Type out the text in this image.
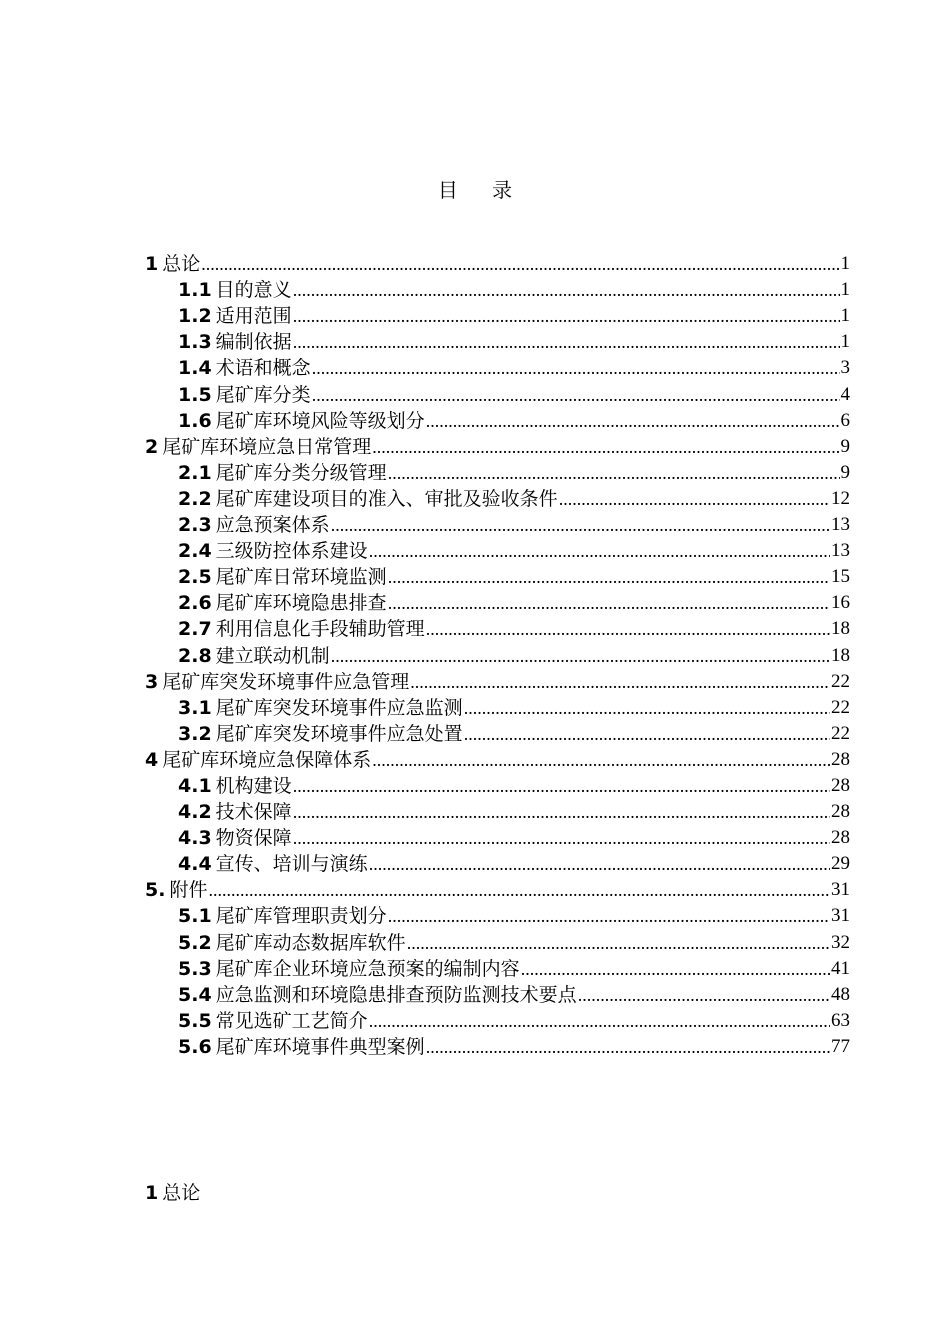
目 录
1 总论 .....	1
1.1 目的意义 .....	1
1.2 适用范围 .....	1
1.3 编制依据 .....	1
1.4 术语和概念 .....	3
1.5 尾矿库分类 .....	4
1.6 尾矿库环境风险等级划分 .....	6
2 尾矿库环境应急日常管理 .....	9
2.1 尾矿库分类分级管理 .....	9
2.2 尾矿库建设项目的准入、审批及验收条件 .....	12
2.3 应急预案体系 .....	13
2.4 三级防控体系建设 .....	13
2.5 尾矿库日常环境监测 .....	15
2.6 尾矿库环境隐患排查 .....	16
2.7 利用信息化手段辅助管理 .....	18
2.8 建立联动机制 .....	18
3 尾矿库突发环境事件应急管理 .....	22
3.1 尾矿库突发环境事件应急监测 .....	22
3.2 尾矿库突发环境事件应急处置 .....	22
4 尾矿库环境应急保障体系 .....	28
4.1 机构建设 .....	28
4.2 技术保障 .....	28
4.3 物资保障 .....	28
4.4 宣传、培训与演练 .....	29
5. 附件 .....	31
5.1 尾矿库管理职责划分 .....	31
5.2 尾矿库动态数据库软件 .....	32
5.3 尾矿库企业环境应急预案的编制内容 .....	41
5.4 应急监测和环境隐患排查预防监测技术要点 .....	48
5.5 常见选矿工艺简介 .....	63
5.6 尾矿库环境事件典型案例 .....	77
1 总论
